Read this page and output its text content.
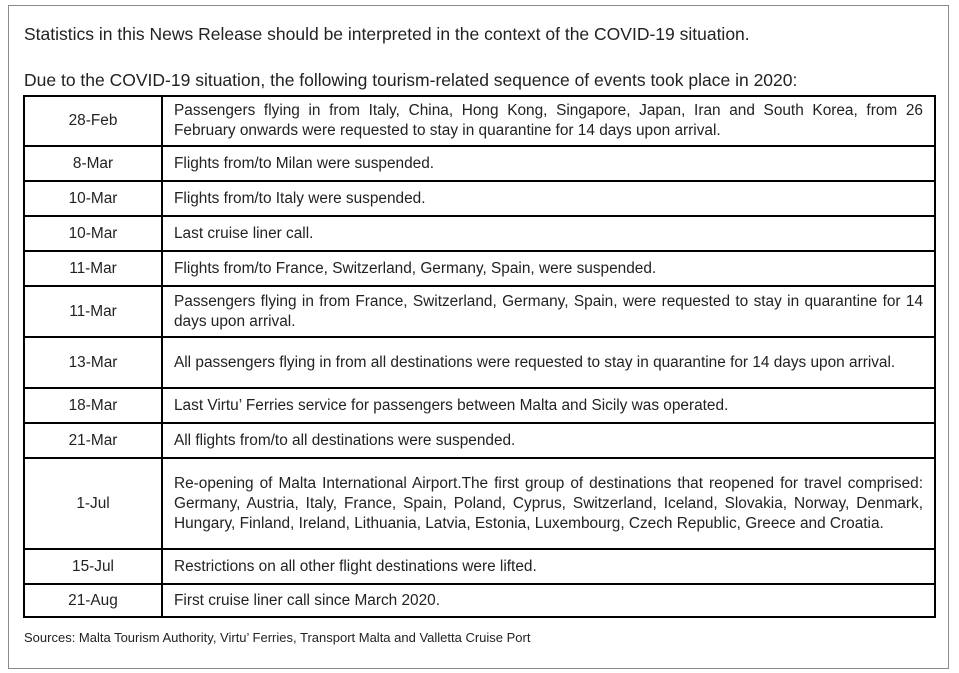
Statistics in this News Release should be interpreted in the context of the COVID-19 situation.
Due to the COVID-19 situation, the following tourism-related sequence of events took place in 2020:
28-Feb	Passengers flying in from Italy, China, Hong Kong, Singapore, Japan, Iran and South Korea, from 26 February onwards were requested to stay in quarantine for 14 days upon arrival.

8-Mar	Flights from/to Milan were suspended.

10-Mar	Flights from/to Italy were suspended.

10-Mar	Last cruise liner call.

11-Mar	Flights from/to France, Switzerland, Germany, Spain, were suspended.

11-Mar	Passengers flying in from France, Switzerland, Germany, Spain, were requested to stay in quarantine for 14 days upon arrival.

13-Mar	All passengers flying in from all destinations were requested to stay in quarantine for 14 days upon arrival.

18-Mar	Last Virtu’ Ferries service for passengers between Malta and Sicily was operated.

21-Mar	All flights from/to all destinations were suspended.

1-Jul	Re-opening of Malta International Airport.The first group of destinations that reopened for travel comprised: Germany, Austria, Italy, France, Spain, Poland, Cyprus, Switzerland, Iceland, Slovakia, Norway, Denmark, Hungary, Finland, Ireland, Lithuania, Latvia, Estonia, Luxembourg, Czech Republic, Greece and Croatia.

15-Jul	Restrictions on all other flight destinations were lifted.

21-Aug	First cruise liner call since March 2020.
Sources: Malta Tourism Authority, Virtu’ Ferries, Transport Malta and Valletta Cruise Port
